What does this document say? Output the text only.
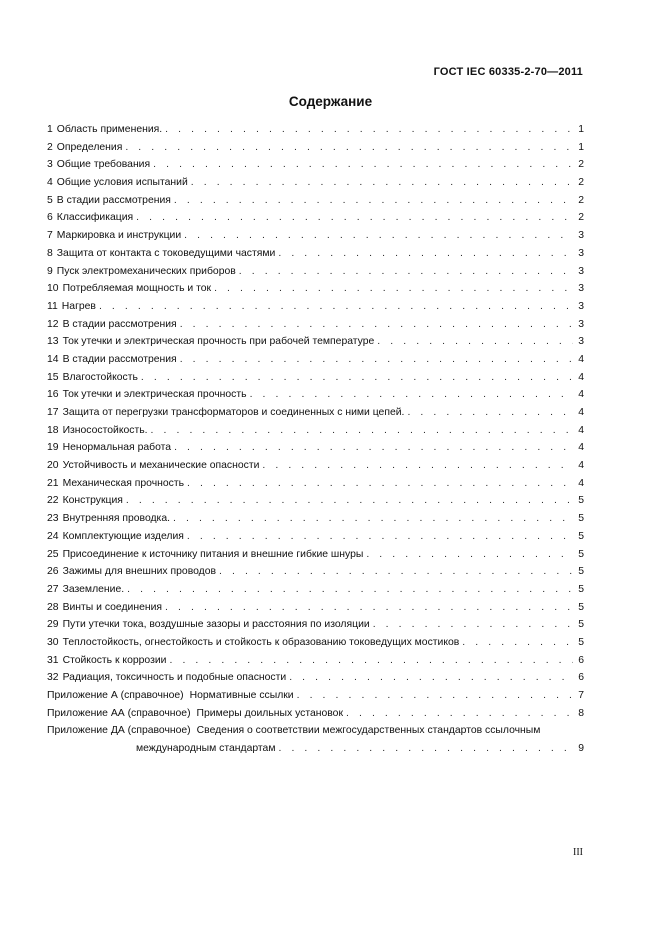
ГОСТ IEC 60335-2-70—2011
Содержание
1 Область применения. . . .	1
2 Определения . . .	1
3 Общие требования . . .	2
4 Общие условия испытаний . . .	2
5 В стадии рассмотрения . . .	2
6 Классификация . . .	2
7 Маркировка и инструкции . . .	3
8 Защита от контакта с токоведущими частями . . .	3
9 Пуск электромеханических приборов . . .	3
10 Потребляемая мощность и ток . . .	3
11 Нагрев . . .	3
12 В стадии рассмотрения . . .	3
13 Ток утечки и электрическая прочность при рабочей температуре . . .	3
14 В стадии рассмотрения . . .	4
15 Влагостойкость . . .	4
16 Ток утечки и электрическая прочность . . .	4
17 Защита от перегрузки трансформаторов и соединенных с ними цепей. . . .	4
18 Износостойкость. . . .	4
19 Ненормальная работа . . .	4
20 Устойчивость и механические опасности . . .	4
21 Механическая прочность . . .	4
22 Конструкция . . .	5
23 Внутренняя проводка. . . .	5
24 Комплектующие изделия . . .	5
25 Присоединение к источнику питания и внешние гибкие шнуры . . .	5
26 Зажимы для внешних проводов . . .	5
27 Заземление. . . .	5
28 Винты и соединения . . .	5
29 Пути утечки тока, воздушные зазоры и расстояния по изоляции . . .	5
30 Теплостойкость, огнестойкость и стойкость к образованию токоведущих мостиков . . .	5
31 Стойкость к коррозии . . .	6
32 Радиация, токсичность и подобные опасности . . .	6
Приложение А (справочное) Нормативные ссылки . . .	7
Приложение АА (справочное) Примеры доильных установок . . .	8
Приложение ДА (справочное) Сведения о соответствии межгосударственных стандартов ссылочным
международным стандартам . . .	9
III
